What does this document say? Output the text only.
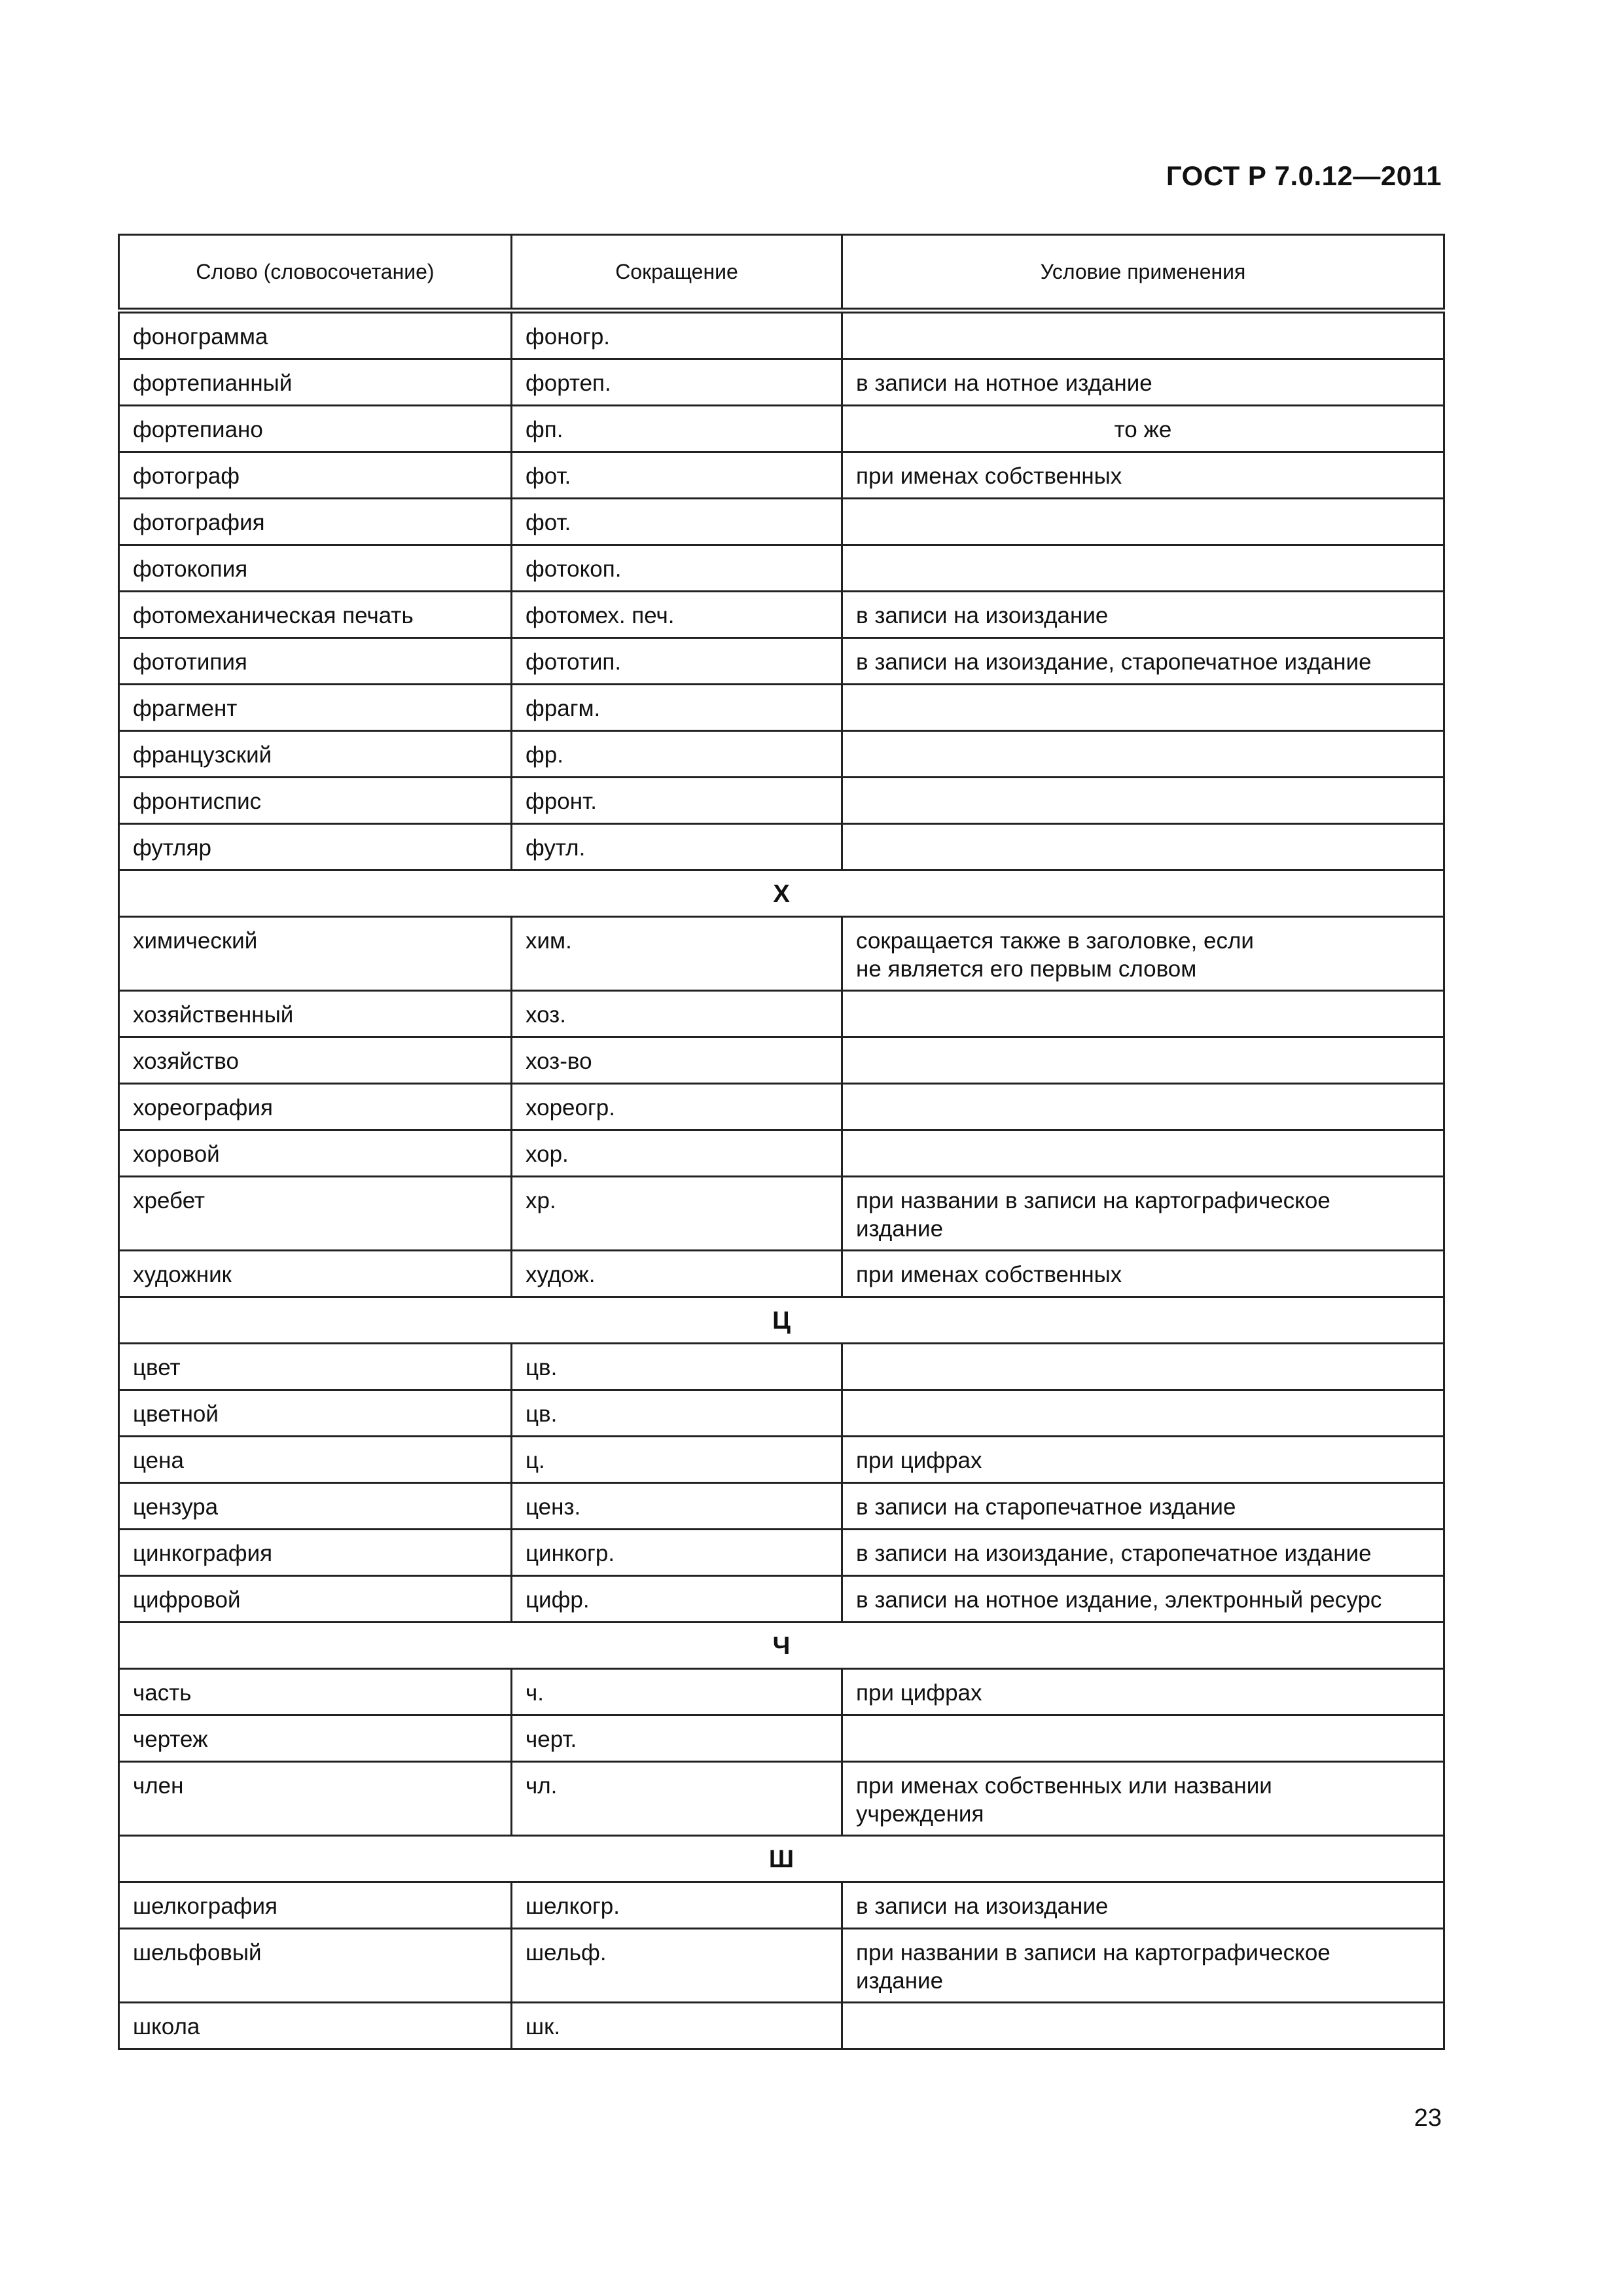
ГОСТ Р 7.0.12—2011
Слово (словосочетание)	Сокращение	Условие применения
фонограмма	фоногр.	
фортепианный	фортеп.	в записи на нотное издание
фортепиано	фп.	то же
фотограф	фот.	при именах собственных
фотография	фот.	
фотокопия	фотокоп.	
фотомеханическая печать	фотомех. печ.	в записи на изоиздание
фототипия	фототип.	в записи на изоиздание, старопечатное издание
фрагмент	фрагм.	
французский	фр.	
фронтиспис	фронт.	
футляр	футл.	
Х		
химический	хим.	сокращается также в заголовке, если
не является его первым словом
хозяйственный	хоз.	
хозяйство	хоз-во	
хореография	хореогр.	
хоровой	хор.	
хребет	хр.	при названии в записи на картографическое
издание
художник	худож.	при именах собственных
Ц		
цвет	цв.	
цветной	цв.	
цена	ц.	при цифрах
цензура	ценз.	в записи на старопечатное издание
цинкография	цинкогр.	в записи на изоиздание, старопечатное издание
цифровой	цифр.	в записи на нотное издание, электронный ресурс
Ч		
часть	ч.	при цифрах
чертеж	черт.	
член	чл.	при именах собственных или названии
учреждения
Ш		
шелкография	шелкогр.	в записи на изоиздание
шельфовый	шельф.	при названии в записи на картографическое
издание
школа	шк.	
23
